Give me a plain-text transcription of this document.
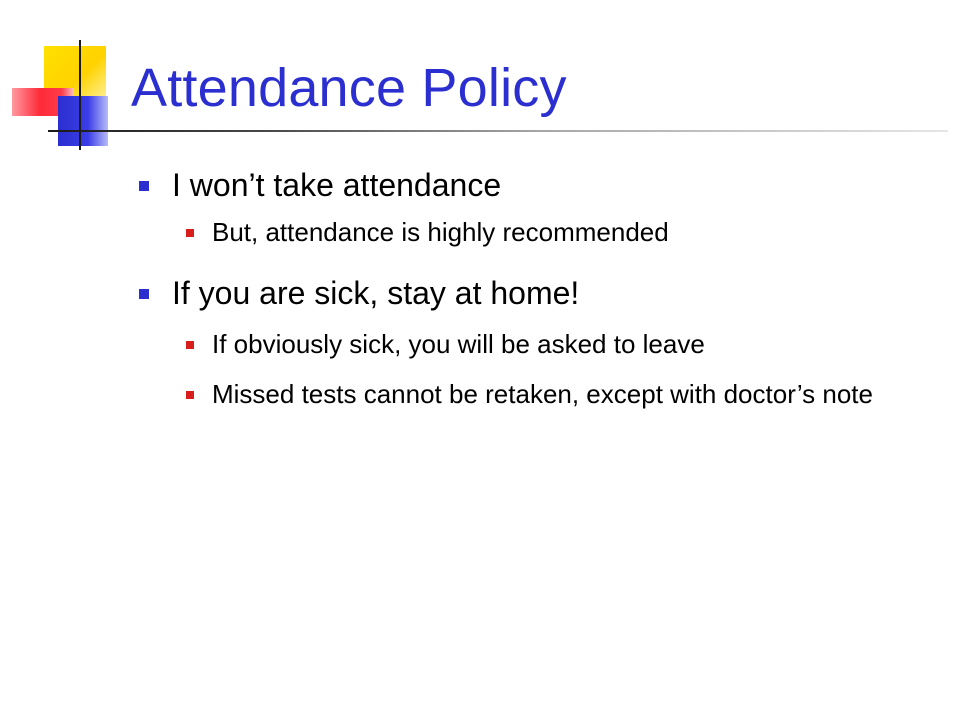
Attendance Policy
I won’t take attendance
But, attendance is highly recommended
If you are sick, stay at home!
If obviously sick, you will be asked to leave
Missed tests cannot be retaken, except with doctor’s note
